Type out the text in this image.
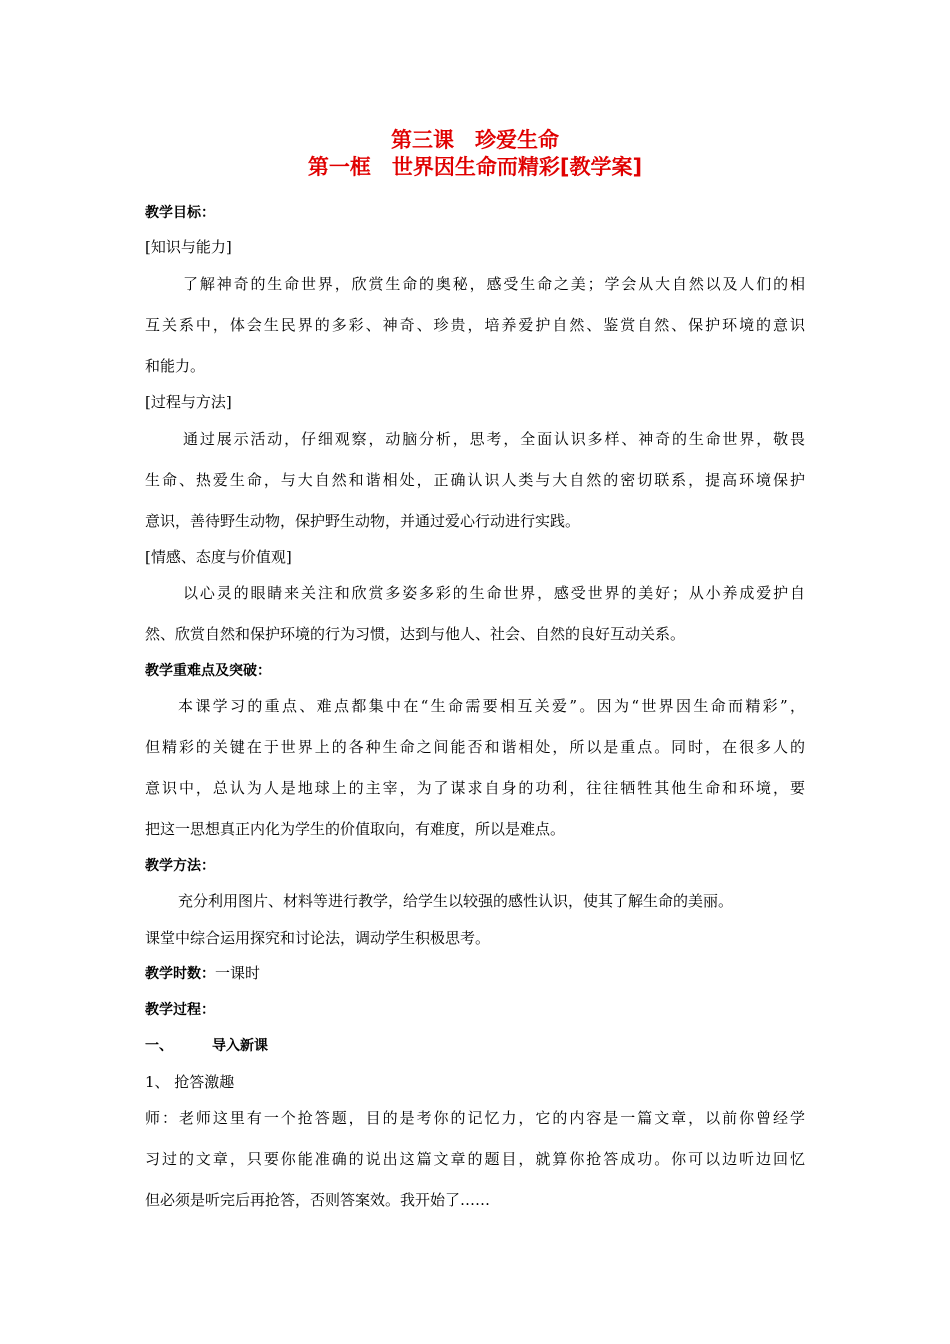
第三课　珍爱生命
第一框　世界因生命而精彩[教学案]
教学目标：
[知识与能力]
了解神奇的生命世界，欣赏生命的奥秘，感受生命之美；学会从大自然以及人们的相
互关系中，体会生民界的多彩、神奇、珍贵，培养爱护自然、鉴赏自然、保护环境的意识
和能力。
[过程与方法]
通过展示活动，仔细观察，动脑分析，思考，全面认识多样、神奇的生命世界，敬畏
生命、热爱生命，与大自然和谐相处，正确认识人类与大自然的密切联系，提高环境保护
意识，善待野生动物，保护野生动物，并通过爱心行动进行实践。
[情感、态度与价值观]
以心灵的眼睛来关注和欣赏多姿多彩的生命世界，感受世界的美好；从小养成爱护自
然、欣赏自然和保护环境的行为习惯，达到与他人、社会、自然的良好互动关系。
教学重难点及突破：
本课学习的重点、难点都集中在“生命需要相互关爱”。因为“世界因生命而精彩”，
但精彩的关键在于世界上的各种生命之间能否和谐相处，所以是重点。同时，在很多人的
意识中，总认为人是地球上的主宰，为了谋求自身的功利，往往牺牲其他生命和环境，要
把这一思想真正内化为学生的价值取向，有难度，所以是难点。
教学方法：
充分利用图片、材料等进行教学，给学生以较强的感性认识，使其了解生命的美丽。
课堂中综合运用探究和讨论法，调动学生积极思考。
教学时数：一课时
教学过程：
一、	导入新课
1、 抢答激趣
师：老师这里有一个抢答题，目的是考你的记忆力，它的内容是一篇文章，以前你曾经学
习过的文章，只要你能准确的说出这篇文章的题目，就算你抢答成功。你可以边听边回忆
但必须是听完后再抢答，否则答案效。我开始了……
